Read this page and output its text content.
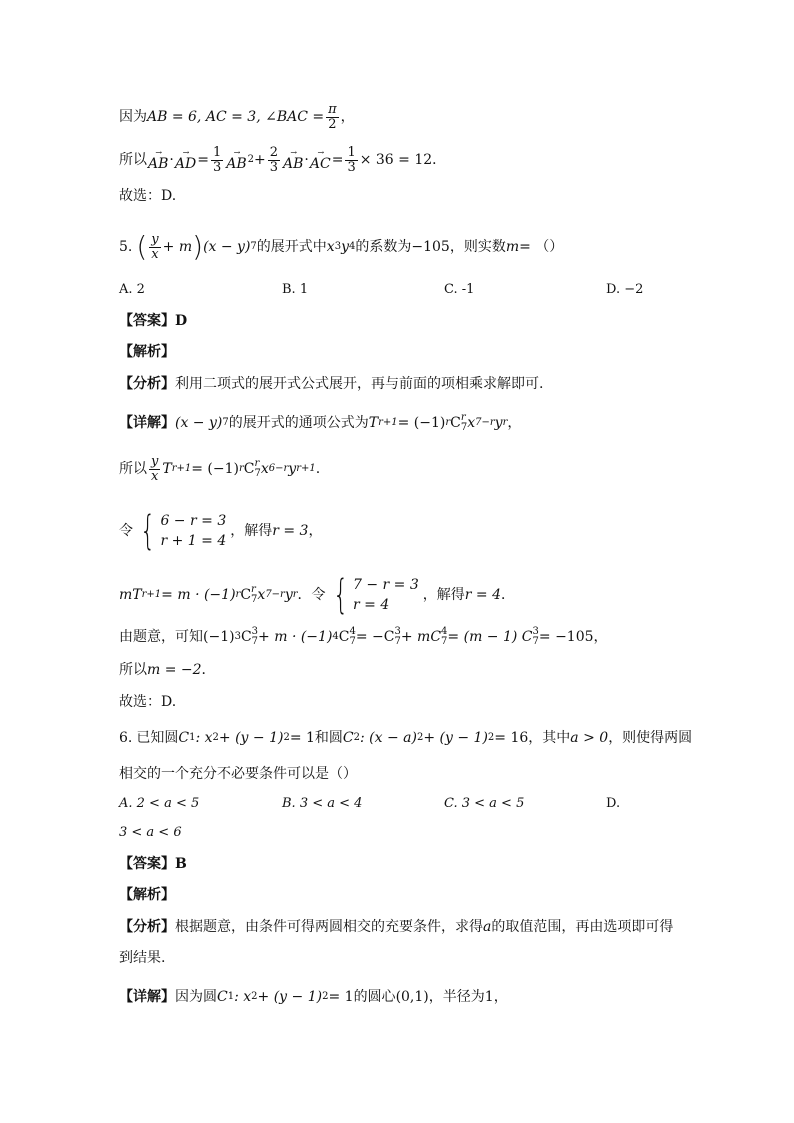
因为 AB = 6, AC = 3, ∠BAC = $\frac{\pi}{2}$ ，
所以 →
AB · →
AD = $\frac{1}{3}$ →
AB $2 + \frac{2}{3}$ →
AB · →
AC = $\frac{1}{3} \times 36 = 12$ ．
故选：D.
5. ( $\frac{y}{x} + m$ ) (x − y) 7 的展开式中 x 3 y 4 的系数为 −105 ，则实数 m = （）
A. 2	B. 1	C. -1	D. −2
【答案】D
【解析】
【分析】 利用二项式的展开式公式展开，再与前面的项相乘求解即可.
【详解】 (x − y) 7 的展开式的通项公式为 T r+1 = (−1) r C r
7 x 7−r y r ，
所以 $\frac{y}{x}$ T r+1 = (−1) r C r
7 x 6−r y r+1 .
令 { 6 − r = 3
r + 1 = 4
，解得 r = 3 ，
mT r+1 = m · (−1) r C r
7 x 7−r y r ．令 { 7 − r = 3
r = 4
，解得 r = 4 ．
由题意，可知 (−1) 3 C 3
7 + m · (−1) 4 C 4
7 = −C 3
7 + mC 4
7 = (m − 1) C 3
7 = −105 ，
所以 m = −2 ．
故选：D.
6. 已知圆 C 1 : x 2 + (y − 1) 2 = 1 和圆 C 2 : (x − a) 2 + (y − 1) 2 = 16 ，其中 a > 0 ，则使得两圆
相交的一个充分不必要条件可以是（）
A. 2 < a < 5	B. 3 < a < 4	C. 3 < a < 5	D.
3 < a < 6
【答案】B
【解析】
【分析】 根据题意，由条件可得两圆相交的充要条件，求得 a 的取值范围，再由选项即可得
到结果.
【详解】 因为圆 C 1 : x 2 + (y − 1) 2 = 1 的圆心 (0,1) ，半径为 1 ，
